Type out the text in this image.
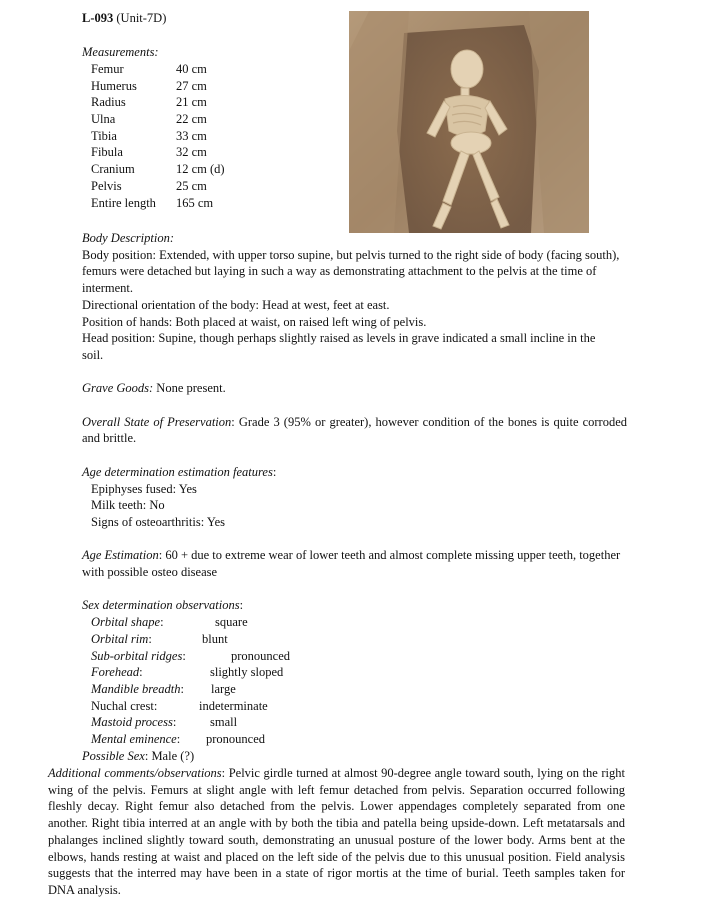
L-093 (Unit-7D)
Measurements:
Femur	40 cm
Humerus	27 cm
Radius	21 cm
Ulna	22 cm
Tibia	33 cm
Fibula	32 cm
Cranium	12 cm (d)
Pelvis	25 cm
Entire length 165 cm

Body Description:

Body position: Extended, with upper torso supine, but pelvis turned to the right side of body (facing south), femurs were detached but laying in such a way as demonstrating attachment to the pelvis at the time of interment.

Directional orientation of the body: Head at west, feet at east.

Position of hands: Both placed at waist, on raised left wing of pelvis.

Head position: Supine, though perhaps slightly raised as levels in grave indicated a small incline in the soil.

Grave Goods: None present.

Overall State of Preservation: Grade 3 (95% or greater), however condition of the bones is quite corroded and brittle.

Age determination estimation features:

Epiphyses fused: Yes
Milk teeth: No
Signs of osteoarthritis: Yes

Age Estimation: 60 + due to extreme wear of lower teeth and almost complete missing upper teeth, together with possible osteo disease

Sex determination observations:

Orbital shape:	square
Orbital rim:	blunt
Sub-orbital ridges:	pronounced
Forehead:	slightly sloped
Mandible breadth: large
Nuchal crest:	indeterminate
Mastoid process:	small
Mental eminence: pronounced

Possible Sex: Male (?)

Additional comments/observations: Pelvic girdle turned at almost 90-degree angle toward south, lying on the right wing of the pelvis. Femurs at slight angle with left femur detached from pelvis. Separation occurred following fleshly decay. Right femur also detached from the pelvis. Lower appendages completely separated from one another. Right tibia interred at an angle with by both the tibia and patella being upside-down. Left metatarsals and phalanges inclined slightly toward south, demonstrating an unusual posture of the lower body. Arms bent at the elbows, hands resting at waist and placed on the left side of the pelvis due to this unusual position. Field analysis suggests that the interred may have been in a state of rigor mortis at the time of burial. Teeth samples taken for DNA analysis.
